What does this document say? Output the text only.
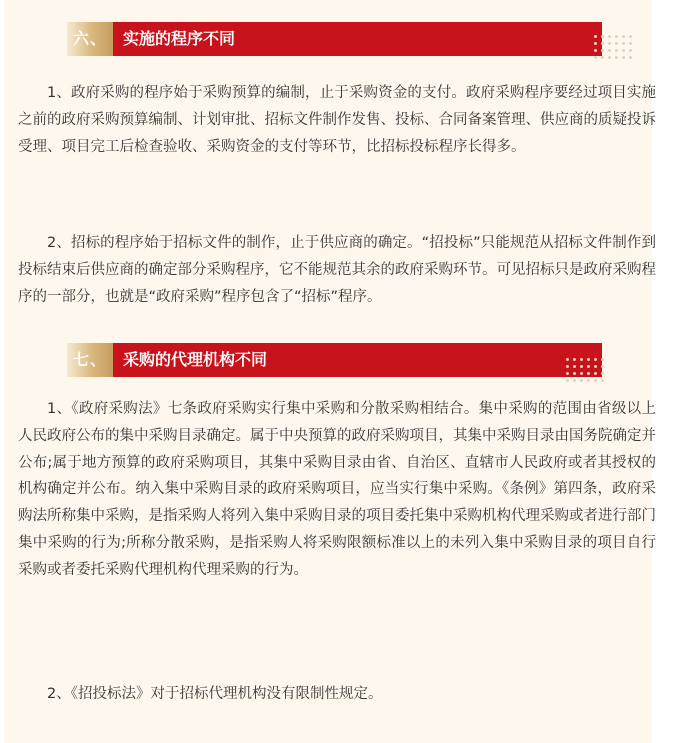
六、 实施的程序不同

1、政府采购的程序始于采购预算的编制，止于采购资金的支付。政府采购程序要经过项目实施之前的政府采购预算编制、计划审批、招标文件制作发售、投标、合同备案管理、供应商的质疑投诉受理、项目完工后检查验收、采购资金的支付等环节，比招标投标程序长得多。

2、招标的程序始于招标文件的制作，止于供应商的确定。“招投标”只能规范从招标文件制作到投标结束后供应商的确定部分采购程序，它不能规范其余的政府采购环节。可见招标只是政府采购程序的一部分，也就是“政府采购”程序包含了“招标”程序。

七、 采购的代理机构不同

1、《政府采购法》七条政府采购实行集中采购和分散采购相结合。集中采购的范围由省级以上人民政府公布的集中采购目录确定。属于中央预算的政府采购项目，其集中采购目录由国务院确定并公布;属于地方预算的政府采购项目，其集中采购目录由省、自治区、直辖市人民政府或者其授权的机构确定并公布。纳入集中采购目录的政府采购项目，应当实行集中采购。《条例》第四条，政府采购法所称集中采购，是指采购人将列入集中采购目录的项目委托集中采购机构代理采购或者进行部门集中采购的行为;所称分散采购，是指采购人将采购限额标准以上的未列入集中采购目录的项目自行采购或者委托采购代理机构代理采购的行为。

2、《招投标法》对于招标代理机构没有限制性规定。
